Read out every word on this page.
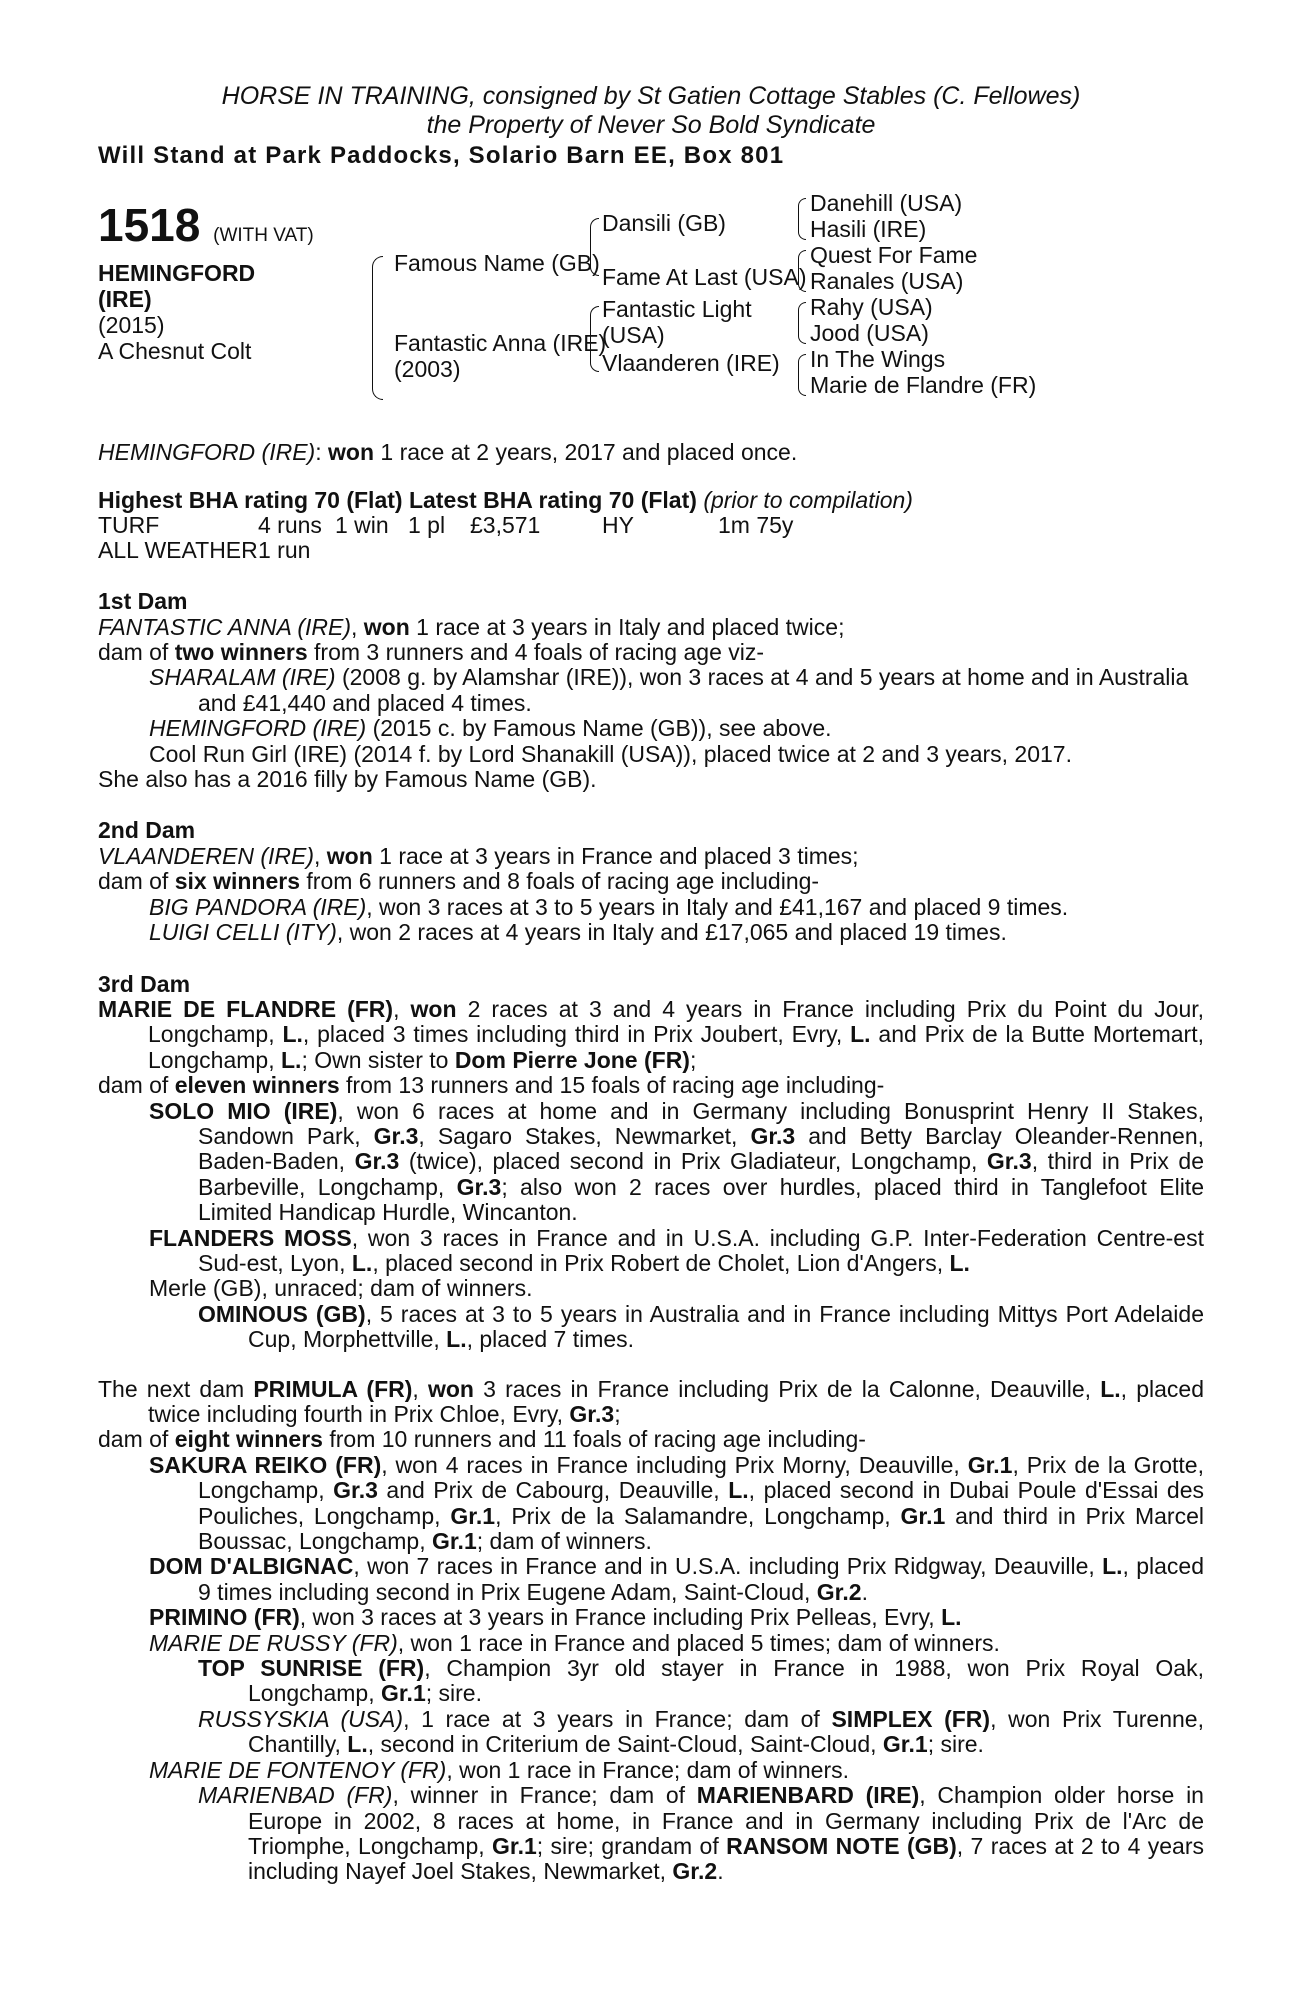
HORSE IN TRAINING, consigned by St Gatien Cottage Stables (C. Fellowes)
the Property of Never So Bold Syndicate
Will Stand at Park Paddocks, Solario Barn EE, Box 801
1518 (WITH VAT)
HEMINGFORD
(IRE)
(2015)
A Chesnut Colt
Famous Name (GB)
Fantastic Anna (IRE)
(2003)
Dansili (GB)
Fame At Last (USA)
Fantastic Light
(USA)
Vlaanderen (IRE)
Danehill (USA)
Hasili (IRE)
Quest For Fame
Ranales (USA)
Rahy (USA)
Jood (USA)
In The Wings
Marie de Flandre (FR)
HEMINGFORD (IRE): won 1 race at 2 years, 2017 and placed once.
Highest BHA rating 70 (Flat) Latest BHA rating 70 (Flat) (prior to compilation)
TURF	4 runs 1 win 1 pl £3,571	HY	1m 75y
ALL WEATHER 1 run
1st Dam
FANTASTIC ANNA (IRE), won 1 race at 3 years in Italy and placed twice;
dam of two winners from 3 runners and 4 foals of racing age viz-
SHARALAM (IRE) (2008 g. by Alamshar (IRE)), won 3 races at 4 and 5 years at home and in Australia and £41,440 and placed 4 times.
HEMINGFORD (IRE) (2015 c. by Famous Name (GB)), see above.
Cool Run Girl (IRE) (2014 f. by Lord Shanakill (USA)), placed twice at 2 and 3 years, 2017.
She also has a 2016 filly by Famous Name (GB).
2nd Dam
VLAANDEREN (IRE), won 1 race at 3 years in France and placed 3 times;
dam of six winners from 6 runners and 8 foals of racing age including-
BIG PANDORA (IRE), won 3 races at 3 to 5 years in Italy and £41,167 and placed 9 times.
LUIGI CELLI (ITY), won 2 races at 4 years in Italy and £17,065 and placed 19 times.
3rd Dam
MARIE DE FLANDRE (FR), won 2 races at 3 and 4 years in France including Prix du Point du Jour, Longchamp, L., placed 3 times including third in Prix Joubert, Evry, L. and Prix de la Butte Mortemart, Longchamp, L.; Own sister to Dom Pierre Jone (FR);
dam of eleven winners from 13 runners and 15 foals of racing age including-
SOLO MIO (IRE), won 6 races at home and in Germany including Bonusprint Henry II Stakes, Sandown Park, Gr.3, Sagaro Stakes, Newmarket, Gr.3 and Betty Barclay Oleander-Rennen, Baden-Baden, Gr.3 (twice), placed second in Prix Gladiateur, Longchamp, Gr.3, third in Prix de Barbeville, Longchamp, Gr.3; also won 2 races over hurdles, placed third in Tanglefoot Elite Limited Handicap Hurdle, Wincanton.
FLANDERS MOSS, won 3 races in France and in U.S.A. including G.P. Inter-Federation Centre-est Sud-est, Lyon, L., placed second in Prix Robert de Cholet, Lion d'Angers, L.
Merle (GB), unraced; dam of winners.
OMINOUS (GB), 5 races at 3 to 5 years in Australia and in France including Mittys Port Adelaide Cup, Morphettville, L., placed 7 times.
The next dam PRIMULA (FR), won 3 races in France including Prix de la Calonne, Deauville, L., placed twice including fourth in Prix Chloe, Evry, Gr.3;
dam of eight winners from 10 runners and 11 foals of racing age including-
SAKURA REIKO (FR), won 4 races in France including Prix Morny, Deauville, Gr.1, Prix de la Grotte, Longchamp, Gr.3 and Prix de Cabourg, Deauville, L., placed second in Dubai Poule d'Essai des Pouliches, Longchamp, Gr.1, Prix de la Salamandre, Longchamp, Gr.1 and third in Prix Marcel Boussac, Longchamp, Gr.1; dam of winners.
DOM D'ALBIGNAC, won 7 races in France and in U.S.A. including Prix Ridgway, Deauville, L., placed 9 times including second in Prix Eugene Adam, Saint-Cloud, Gr.2.
PRIMINO (FR), won 3 races at 3 years in France including Prix Pelleas, Evry, L.
MARIE DE RUSSY (FR), won 1 race in France and placed 5 times; dam of winners.
TOP SUNRISE (FR), Champion 3yr old stayer in France in 1988, won Prix Royal Oak, Longchamp, Gr.1; sire.
RUSSYSKIA (USA), 1 race at 3 years in France; dam of SIMPLEX (FR), won Prix Turenne, Chantilly, L., second in Criterium de Saint-Cloud, Saint-Cloud, Gr.1; sire.
MARIE DE FONTENOY (FR), won 1 race in France; dam of winners.
MARIENBAD (FR), winner in France; dam of MARIENBARD (IRE), Champion older horse in Europe in 2002, 8 races at home, in France and in Germany including Prix de l'Arc de Triomphe, Longchamp, Gr.1; sire; grandam of RANSOM NOTE (GB), 7 races at 2 to 4 years including Nayef Joel Stakes, Newmarket, Gr.2.
